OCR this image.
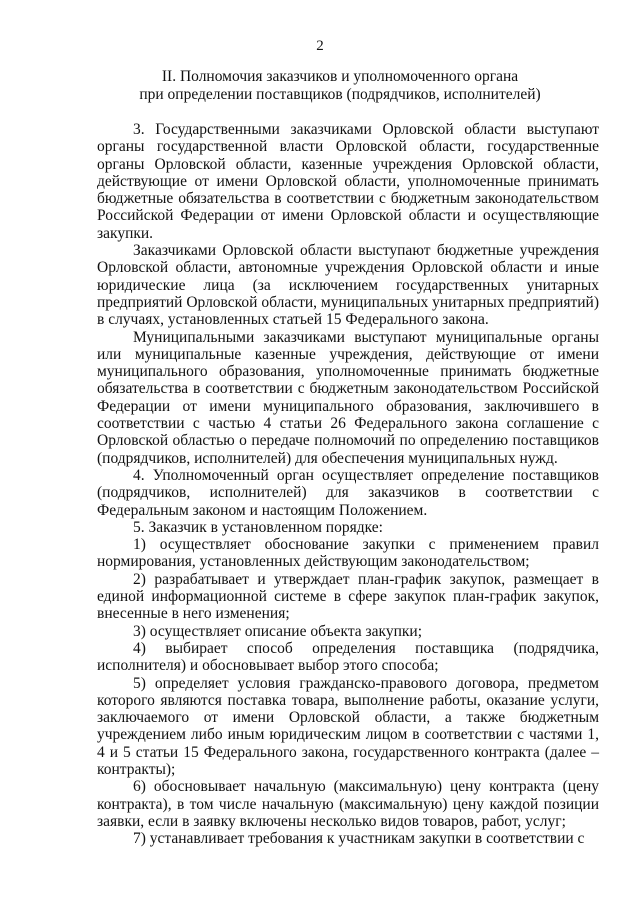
2
II. Полномочия заказчиков и уполномоченного органа
при определении поставщиков (подрядчиков, исполнителей)

3. Государственными заказчиками Орловской области выступают органы государственной власти Орловской области, государственные органы Орловской области, казенные учреждения Орловской области, действующие от имени Орловской области, уполномоченные принимать бюджетные обязательства в соответствии с бюджетным законодательством Российской Федерации от имени Орловской области и осуществляющие закупки.

Заказчиками Орловской области выступают бюджетные учреждения Орловской области, автономные учреждения Орловской области и иные юридические лица (за исключением государственных унитарных предприятий Орловской области, муниципальных унитарных предприятий) в случаях, установленных статьей 15 Федерального закона.

Муниципальными заказчиками выступают муниципальные органы или муниципальные казенные учреждения, действующие от имени муниципального образования, уполномоченные принимать бюджетные обязательства в соответствии с бюджетным законодательством Российской Федерации от имени муниципального образования, заключившего в соответствии с частью 4 статьи 26 Федерального закона соглашение с Орловской областью о передаче полномочий по определению поставщиков (подрядчиков, исполнителей) для обеспечения муниципальных нужд.

4. Уполномоченный орган осуществляет определение поставщиков (подрядчиков, исполнителей) для заказчиков в соответствии с Федеральным законом и настоящим Положением.

5. Заказчик в установленном порядке:

1) осуществляет обоснование закупки с применением правил нормирования, установленных действующим законодательством;

2) разрабатывает и утверждает план-график закупок, размещает в единой информационной системе в сфере закупок план-график закупок, внесенные в него изменения;

3) осуществляет описание объекта закупки;

4) выбирает способ определения поставщика (подрядчика, исполнителя) и обосновывает выбор этого способа;

5) определяет условия гражданско-правового договора, предметом которого являются поставка товара, выполнение работы, оказание услуги, заключаемого от имени Орловской области, а также бюджетным учреждением либо иным юридическим лицом в соответствии с частями 1, 4 и 5 статьи 15 Федерального закона, государственного контракта (далее – контракты);

6) обосновывает начальную (максимальную) цену контракта (цену контракта), в том числе начальную (максимальную) цену каждой позиции заявки, если в заявку включены несколько видов товаров, работ, услуг;

7) устанавливает требования к участникам закупки в соответствии с
